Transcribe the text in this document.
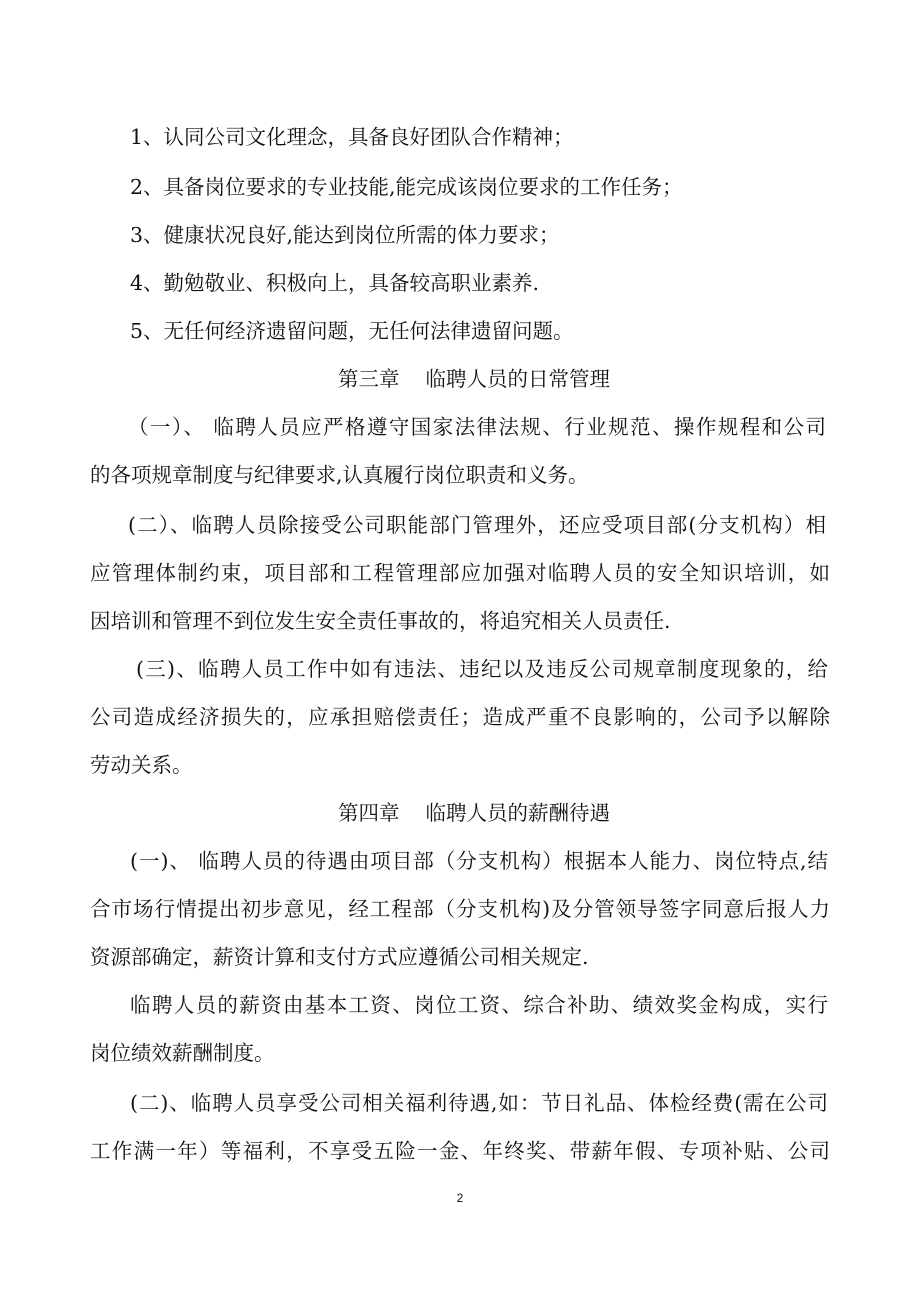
1、认同公司文化理念，具备良好团队合作精神；
2、具备岗位要求的专业技能,能完成该岗位要求的工作任务；
3、健康状况良好,能达到岗位所需的体力要求；
4、勤勉敬业、积极向上，具备较高职业素养.
5、无任何经济遗留问题，无任何法律遗留问题。
第三章    临聘人员的日常管理
（一）、 临聘人员应严格遵守国家法律法规、行业规范、操作规程和公司
的各项规章制度与纪律要求,认真履行岗位职责和义务。
(二）、临聘人员除接受公司职能部门管理外，还应受项目部(分支机构）相
应管理体制约束，项目部和工程管理部应加强对临聘人员的安全知识培训，如
因培训和管理不到位发生安全责任事故的，将追究相关人员责任.
(三)、临聘人员工作中如有违法、违纪以及违反公司规章制度现象的，给
公司造成经济损失的，应承担赔偿责任；造成严重不良影响的，公司予以解除
劳动关系。
第四章    临聘人员的薪酬待遇
(一)、 临聘人员的待遇由项目部（分支机构）根据本人能力、岗位特点,结
合市场行情提出初步意见，经工程部（分支机构)及分管领导签字同意后报人力
资源部确定，薪资计算和支付方式应遵循公司相关规定.
临聘人员的薪资由基本工资、岗位工资、综合补助、绩效奖金构成，实行
岗位绩效薪酬制度。
(二)、临聘人员享受公司相关福利待遇,如：节日礼品、体检经费(需在公司
工作满一年）等福利，不享受五险一金、年终奖、带薪年假、专项补贴、公司
2
